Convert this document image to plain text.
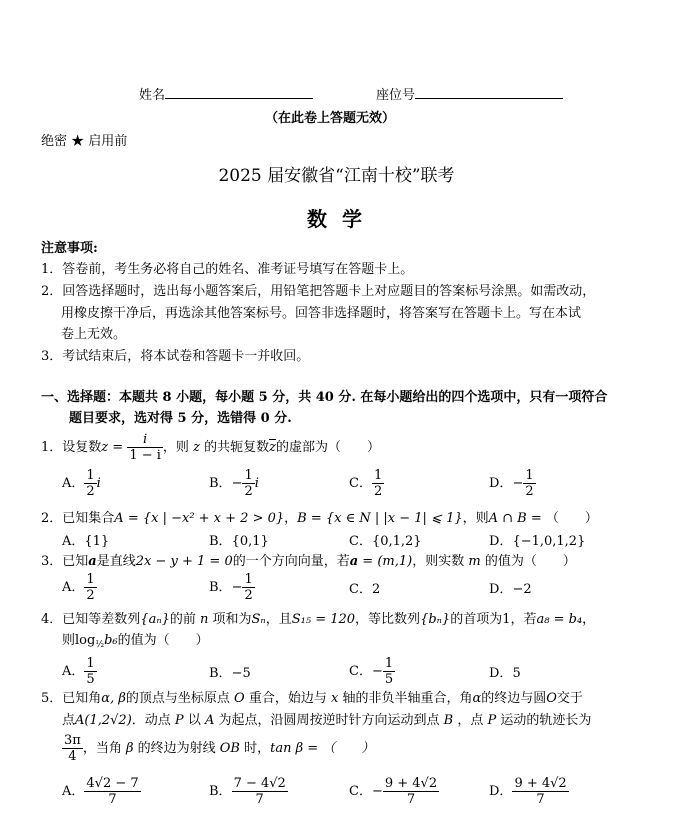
姓名	座位号
（在此卷上答题无效）
绝密 ★ 启用前
2025 届安徽省“江南十校”联考
数 学
注意事项:
1．答卷前，考生务必将自己的姓名、准考证号填写在答题卡上。
2．回答选择题时，选出每小题答案后，用铅笔把答题卡上对应题目的答案标号涂黑。如需改动，
用橡皮擦干净后，再选涂其他答案标号。回答非选择题时，将答案写在答题卡上。写在本试
卷上无效。
3．考试结束后，将本试卷和答题卡一并收回。
一、选择题：本题共 8 小题，每小题 5 分，共 40 分. 在每小题给出的四个选项中，只有一项符合
题目要求，选对得 5 分，选错得 0 分.
1．设复数$z = \frac{i}{1 - i}$ ，则 z 的共轭复数$\overline{z}$的虚部为（　　）
A． $\frac{1}{2}$ i	B．− $\frac{1}{2}$ i	C． $\frac{1}{2}$	D．− $\frac{1}{2}$
2．已知集合A = {x | −x² + x + 2 > 0}，B = {x ∈ N | |x − 1| ⩽ 1}，则A ∩ B = （　　）
A．{1}	B．{0,1}	C．{0,1,2}	D．{−1,0,1,2}
3．已知a是直线2x − y + 1 = 0的一个方向向量，若a = (m,1)，则实数 m 的值为（　　）
A． $\frac{1}{2}$	B．− $\frac{1}{2}$	C．2	D．−2
4．已知等差数列{aₙ}的前 n 项和为Sₙ，且S₁₅ = 120，等比数列{bₙ}的首项为1，若a₈ = b₄，
则$\log_{\frac{1}{2}}b_6$的值为（　　）
A． $\frac{1}{5}$	B．−5	C．− $\frac{1}{5}$	D．5
5．已知角α, β的顶点与坐标原点 O 重合，始边与 x 轴的非负半轴重合，角α的终边与圆O交于
点A(1,2√2)．动点 P 以 A 为起点，沿圆周按逆时针方向运动到点 B ，点 P 运动的轨迹长为
$\frac{3\pi}{4}$ ，当角 β 的终边为射线 OB 时，tan β = （　　）
A． $\frac{4√2 - 7}{7}$	B． $\frac{7 - 4√2}{7}$	C．− $\frac{9 + 4√2}{7}$	D． $\frac{9 + 4√2}{7}$
